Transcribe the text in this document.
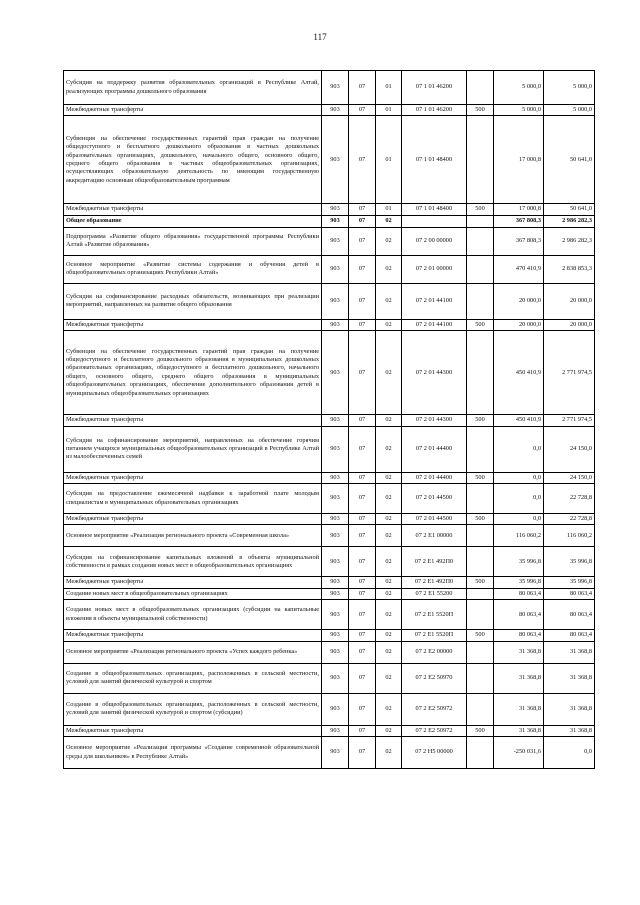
117
Субсидия на поддержку развития образовательных организаций в Республике Алтай, реализующих программы дошкольного образования	903	07	01	07 1 01 46200		5 000,0	5 000,0
Межбюджетные трансферты	903	07	01	07 1 01 46200	500	5 000,0	5 000,0
Субвенция на обеспечение государственных гарантий прав граждан на получение общедоступного и бесплатного дошкольного образования в частных дошкольных образовательных организациях, дошкольного, начального общего, основного общего, среднего общего образования в частных общеобразовательных организациях, осуществляющих образовательную деятельность по имеющим государственную аккредитацию основным общеобразовательным программам	903	07	01	07 1 01 48400		17 000,8	50 641,0
Межбюджетные трансферты	903	07	01	07 1 01 48400	500	17 000,8	50 641,0
Общее образование	903	07	02			367 808,3	2 986 282,3
Подпрограмма «Развитие общего образования» государственной программы Республики Алтай «Развитие образования»	903	07	02	07 2 00 00000		367 808,3	2 986 282,3
Основное мероприятие «Развитие системы содержания и обучения детей в общеобразовательных организациях Республики Алтай»	903	07	02	07 2 01 00000		470 410,9	2 838 853,3
Субсидия на софинансирование расходных обязательств, возникающих при реализации мероприятий, направленных на развитие общего образования	903	07	02	07 2 01 44100		20 000,0	20 000,0
Межбюджетные трансферты	903	07	02	07 2 01 44100	500	20 000,0	20 000,0
Субвенция на обеспечение государственных гарантий прав граждан на получение общедоступного и бесплатного дошкольного образования в муниципальных дошкольных образовательных организациях, общедоступного и бесплатного дошкольного, начального общего, основного общего, среднего общего образования в муниципальных общеобразовательных организациях, обеспечение дополнительного образования детей в муниципальных общеобразовательных организациях	903	07	02	07 2 01 44300		450 410,9	2 771 974,5
Межбюджетные трансферты	903	07	02	07 2 01 44300	500	450 410,9	2 771 974,5
Субсидия на софинансирование мероприятий, направленных на обеспечение горячим питанием учащихся муниципальных общеобразовательных организаций в Республике Алтай из малообеспеченных семей	903	07	02	07 2 01 44400		0,0	24 150,0
Межбюджетные трансферты	903	07	02	07 2 01 44400	500	0,0	24 150,0
Субсидия на предоставление ежемесячной надбавки к заработной плате молодым специалистам в муниципальных образовательных организациях	903	07	02	07 2 01 44500		0,0	22 728,8
Межбюджетные трансферты	903	07	02	07 2 01 44500	500	0,0	22 728,8
Основное мероприятие «Реализация регионального проекта «Современная школа»	903	07	02	07 2 Е1 00000		116 060,2	116 060,2
Субсидия на софинансирование капитальных вложений в объекты муниципальной собственности в рамках создания новых мест в общеобразовательных организациях	903	07	02	07 2 Е1 492П0		35 996,8	35 996,8
Межбюджетные трансферты	903	07	02	07 2 Е1 492П0	500	35 996,8	35 996,8
Создание новых мест в общеобразовательных организациях	903	07	02	07 2 Е1 55200		80 063,4	80 063,4
Создание новых мест в общеобразовательных организациях (субсидии на капитальные вложения в объекты муниципальной собственности)	903	07	02	07 2 Е1 5520П		80 063,4	80 063,4
Межбюджетные трансферты	903	07	02	07 2 Е1 5520П	500	80 063,4	80 063,4
Основное мероприятие «Реализация регионального проекта «Успех каждого ребенка»	903	07	02	07 2 Е2 00000		31 368,8	31 368,8
Создание в общеобразовательных организациях, расположенных в сельской местности, условий для занятий физической культурой и спортом	903	07	02	07 2 Е2 50970		31 368,8	31 368,8
Создание в общеобразовательных организациях, расположенных в сельской местности, условий для занятий физической культурой и спортом (субсидии)	903	07	02	07 2 Е2 50972		31 368,8	31 368,8
Межбюджетные трансферты	903	07	02	07 2 Е2 50972	500	31 368,8	31 368,8
Основное мероприятие «Реализация программы «Создание современной образовательной среды для школьников» в Республике Алтай»	903	07	02	07 2 Н5 00000		-250 031,6	0,0
